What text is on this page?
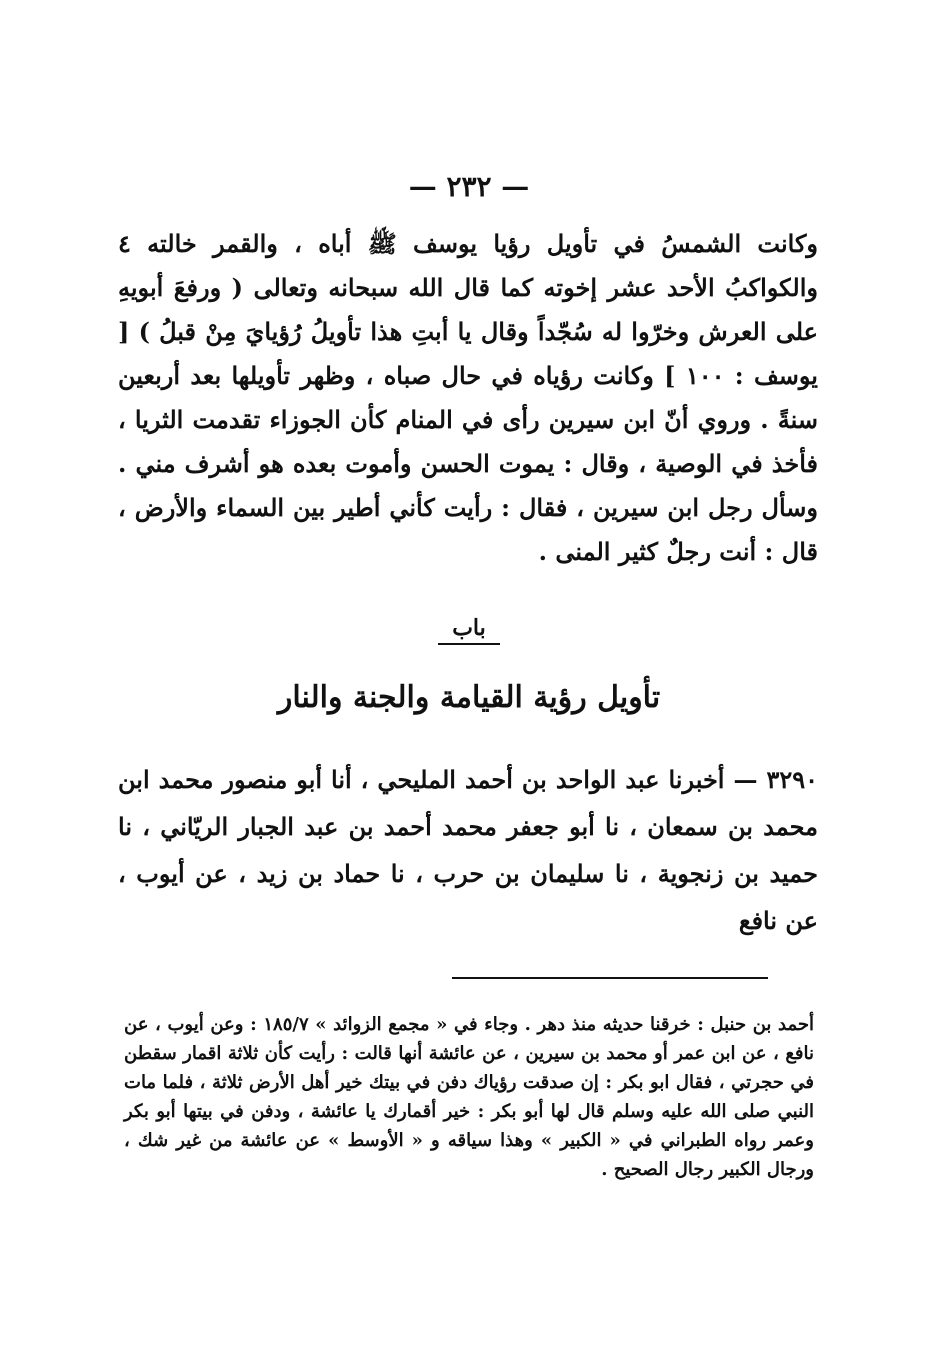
— ٢٣٢ —
وكانت الشمسُ في تأويل رؤيا يوسف ﷺ أباه ، والقمر خالته ٤ والكواكبُ الأحد عشر إخوته كما قال الله سبحانه وتعالى ( ورفعَ أبويهِ على العرش وخرّوا له سُجّداً وقال يا أبتِ هذا تأويلُ رُؤيايَ مِنْ قبلُ ) [ يوسف : ١٠٠ ] وكانت رؤياه في حال صباه ، وظهر تأويلها بعد أربعين سنةً . وروي أنّ ابن سيرين رأى في المنام كأن الجوزاء تقدمت الثريا ، فأخذ في الوصية ، وقال : يموت الحسن وأموت بعده هو أشرف مني . وسأل رجل ابن سيرين ، فقال : رأيت كأني أطير بين السماء والأرض ، قال : أنت رجلٌ كثير المنى .
باب
تأويل رؤية القيامة والجنة والنار
٣٢٩٠ — أخبرنا عبد الواحد بن أحمد المليحي ، أنا أبو منصور محمد ابن محمد بن سمعان ، نا أبو جعفر محمد أحمد بن عبد الجبار الريّاني ، نا حميد بن زنجوية ، نا سليمان بن حرب ، نا حماد بن زيد ، عن أيوب ، عن نافع
أحمد بن حنبل : خرقنا حديثه منذ دهر . وجاء في « مجمع الزوائد » ١٨٥/٧ : وعن أيوب ، عن نافع ، عن ابن عمر أو محمد بن سيرين ، عن عائشة أنها قالت : رأيت كأن ثلاثة اقمار سقطن في حجرتي ، فقال ابو بكر : إن صدقت رؤياك دفن في بيتك خير أهل الأرض ثلاثة ، فلما مات النبي صلى الله عليه وسلم قال لها أبو بكر : خير أقمارك يا عائشة ، ودفن في بيتها أبو بكر وعمر رواه الطبراني في « الكبير » وهذا سياقه و « الأوسط » عن عائشة من غير شك ، ورجال الكبير رجال الصحيح .
